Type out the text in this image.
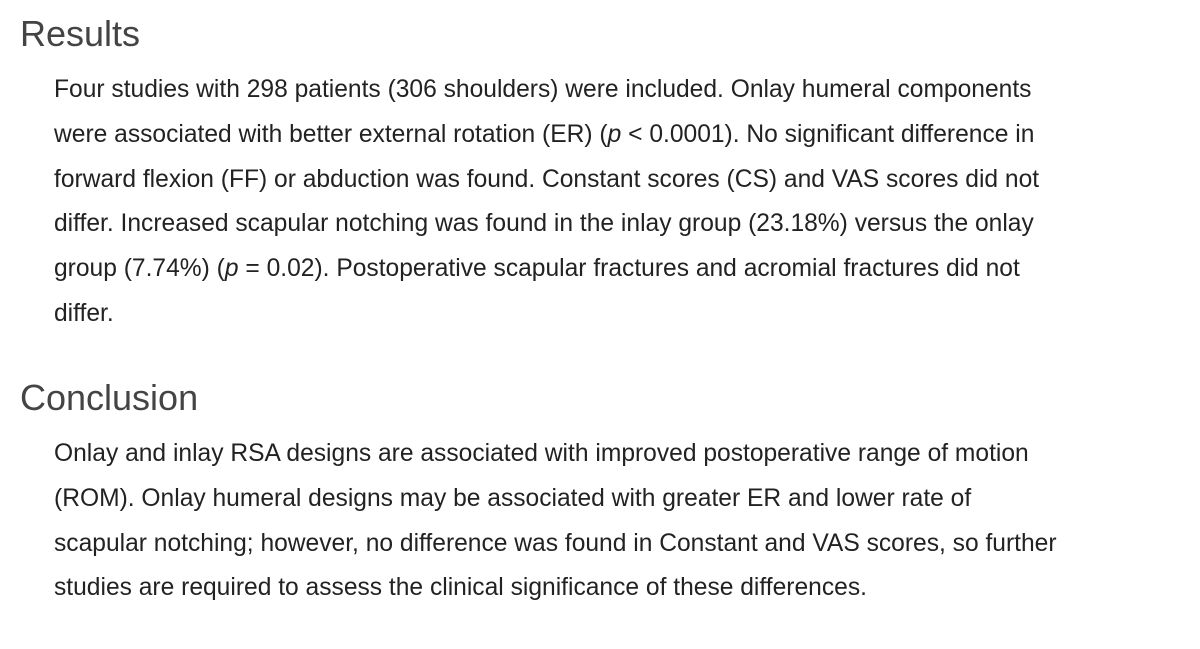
Results

Four studies with 298 patients (306 shoulders) were included. Onlay humeral components
were associated with better external rotation (ER) (p < 0.0001). No significant difference in
forward flexion (FF) or abduction was found. Constant scores (CS) and VAS scores did not
differ. Increased scapular notching was found in the inlay group (23.18%) versus the onlay
group (7.74%) (p = 0.02). Postoperative scapular fractures and acromial fractures did not
differ.

Conclusion

Onlay and inlay RSA designs are associated with improved postoperative range of motion
(ROM). Onlay humeral designs may be associated with greater ER and lower rate of
scapular notching; however, no difference was found in Constant and VAS scores, so further
studies are required to assess the clinical significance of these differences.
